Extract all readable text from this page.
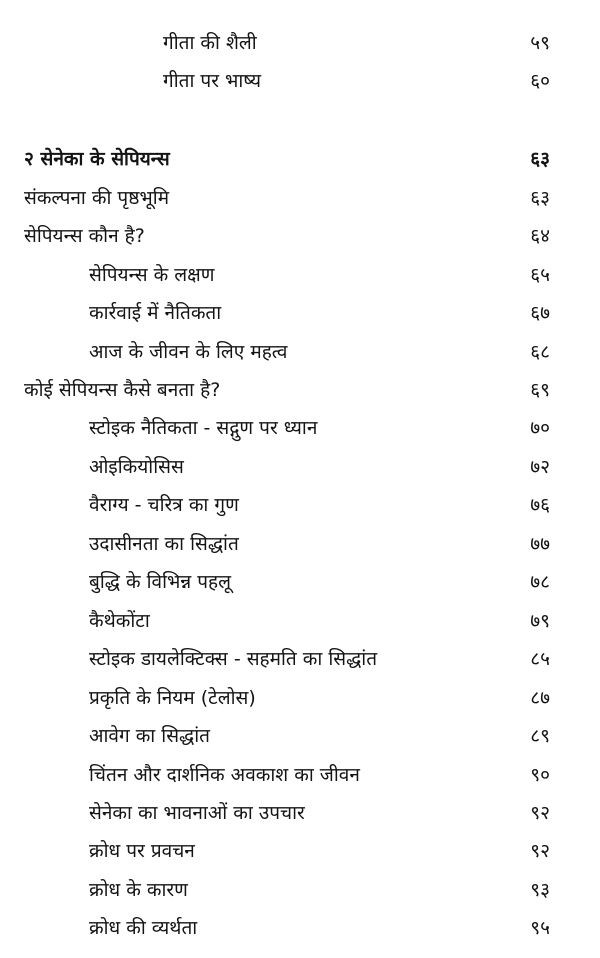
गीता की शैली	५९
गीता पर भाष्य	६०
२ सेनेका के सेपियन्स	६३
संकल्पना की पृष्ठभूमि	६३
सेपियन्स कौन है?	६४
सेपियन्स के लक्षण	६५
कार्रवाई में नैतिकता	६७
आज के जीवन के लिए महत्व	६८
कोई सेपियन्स कैसे बनता है?	६९
स्टोइक नैतिकता - सद्गुण पर ध्यान	७०
ओइकियोसिस	७२
वैराग्य - चरित्र का गुण	७६
उदासीनता का सिद्धांत	७७
बुद्धि के विभिन्न पहलू	७८
कैथेकोंटा	७९
स्टोइक डायलेक्टिक्स - सहमति का सिद्धांत	८५
प्रकृति के नियम (टेलोस)	८७
आवेग का सिद्धांत	८९
चिंतन और दार्शनिक अवकाश का जीवन	९०
सेनेका का भावनाओं का उपचार	९२
क्रोध पर प्रवचन	९२
क्रोध के कारण	९३
क्रोध की व्यर्थता	९५
